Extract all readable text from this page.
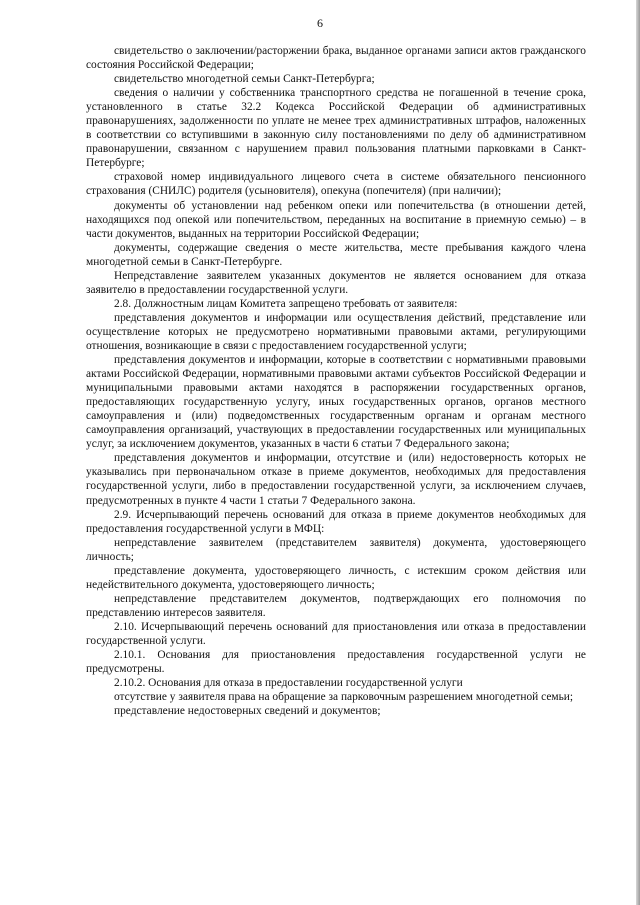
6

свидетельство о заключении/расторжении брака, выданное органами записи актов гражданского состояния Российской Федерации;

свидетельство многодетной семьи Санкт-Петербурга;

сведения о наличии у собственника транспортного средства не погашенной в течение срока, установленного в статье 32.2 Кодекса Российской Федерации об административных правонарушениях, задолженности по уплате не менее трех административных штрафов, наложенных в соответствии со вступившими в законную силу постановлениями по делу об административном правонарушении, связанном с нарушением правил пользования платными парковками в Санкт-Петербурге;

страховой номер индивидуального лицевого счета в системе обязательного пенсионного страхования (СНИЛС) родителя (усыновителя), опекуна (попечителя) (при наличии);

документы об установлении над ребенком опеки или попечительства (в отношении детей, находящихся под опекой или попечительством, переданных на воспитание в приемную семью) – в части документов, выданных на территории Российской Федерации;

документы, содержащие сведения о месте жительства, месте пребывания каждого члена многодетной семьи в Санкт-Петербурге.

Непредставление заявителем указанных документов не является основанием для отказа заявителю в предоставлении государственной услуги.

2.8. Должностным лицам Комитета запрещено требовать от заявителя:

представления документов и информации или осуществления действий, представление или осуществление которых не предусмотрено нормативными правовыми актами, регулирующими отношения, возникающие в связи с предоставлением государственной услуги;

представления документов и информации, которые в соответствии с нормативными правовыми актами Российской Федерации, нормативными правовыми актами субъектов Российской Федерации и муниципальными правовыми актами находятся в распоряжении государственных органов, предоставляющих государственную услугу, иных государственных органов, органов местного самоуправления и (или) подведомственных государственным органам и органам местного самоуправления организаций, участвующих в предоставлении государственных или муниципальных услуг, за исключением документов, указанных в части 6 статьи 7 Федерального закона;

представления документов и информации, отсутствие и (или) недостоверность которых не указывались при первоначальном отказе в приеме документов, необходимых для предоставления государственной услуги, либо в предоставлении государственной услуги, за исключением случаев, предусмотренных в пункте 4 части 1 статьи 7 Федерального закона.

2.9. Исчерпывающий перечень оснований для отказа в приеме документов необходимых для предоставления государственной услуги в МФЦ:

непредставление заявителем (представителем заявителя) документа, удостоверяющего личность;

представление документа, удостоверяющего личность, с истекшим сроком действия или недействительного документа, удостоверяющего личность;

непредставление представителем документов, подтверждающих его полномочия по представлению интересов заявителя.

2.10. Исчерпывающий перечень оснований для приостановления или отказа в предоставлении государственной услуги.

2.10.1. Основания для приостановления предоставления государственной услуги не предусмотрены.

2.10.2. Основания для отказа в предоставлении государственной услуги

отсутствие у заявителя права на обращение за парковочным разрешением многодетной семьи;

представление недостоверных сведений и документов;
